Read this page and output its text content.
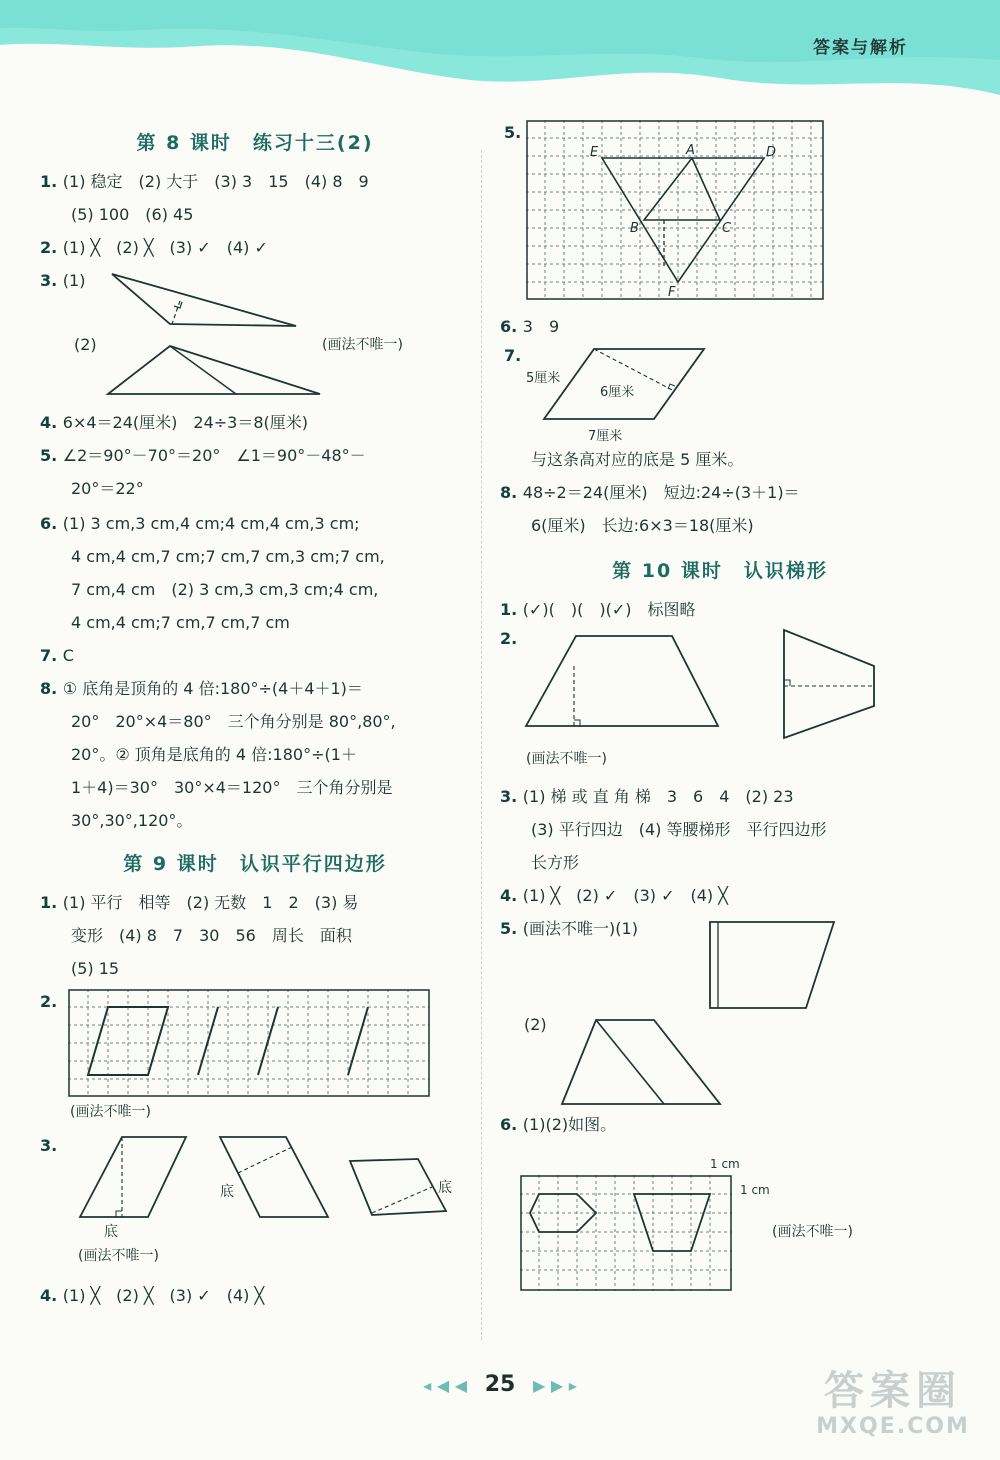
答案与解析
第 8 课时　练习十三(2)
1. (1) 稳定　(2) 大于　(3) 3　15　(4) 8　9
(5) 100　(6) 45
2. (1) ╳　(2) ╳　(3) ✓　(4) ✓
3. (1)
(2)	(画法不唯一)
4. 6×4＝24(厘米)　24÷3＝8(厘米)
5. ∠2＝90°－70°＝20°　∠1＝90°－48°－
20°＝22°
6. (1) 3 cm,3 cm,4 cm;4 cm,4 cm,3 cm;
4 cm,4 cm,7 cm;7 cm,7 cm,3 cm;7 cm,
7 cm,4 cm　(2) 3 cm,3 cm,3 cm;4 cm,
4 cm,4 cm;7 cm,7 cm,7 cm
7. C
8. ① 底角是顶角的 4 倍:180°÷(4＋4＋1)＝
20°　20°×4＝80°　三个角分别是 80°,80°,
20°。② 顶角是底角的 4 倍:180°÷(1＋
1＋4)＝30°　30°×4＝120°　三个角分别是
30°,30°,120°。
第 9 课时　认识平行四边形
1. (1) 平行　相等　(2) 无数　1　2　(3) 易
变形　(4) 8　7　30　56　周长　面积
(5) 15
2.
(画法不唯一)
3.
底
底	底
(画法不唯一)
4. (1) ╳　(2) ╳　(3) ✓　(4) ╳
5.
E	A	D
B	C
F
6. 3　9
7.
5厘米
6厘米
7厘米
与这条高对应的底是 5 厘米。
8. 48÷2＝24(厘米)　短边:24÷(3＋1)＝
6(厘米)　长边:6×3＝18(厘米)
第 10 课时　认识梯形
1. (✓)(　)(　)(✓)　标图略
2.
(画法不唯一)
3. (1) 梯 或 直 角 梯　3　6　4　(2) 23
(3) 平行四边　(4) 等腰梯形　平行四边形
长方形
4. (1) ╳　(2) ✓　(3) ✓　(4) ╳
5. (画法不唯一)(1)
(2)
6. (1)(2)如图。
1 cm
1 cm
(画法不唯一)
◂ ◀ ◀ 25 ▶ ▶ ▸	答案圈
MXQE.COM
